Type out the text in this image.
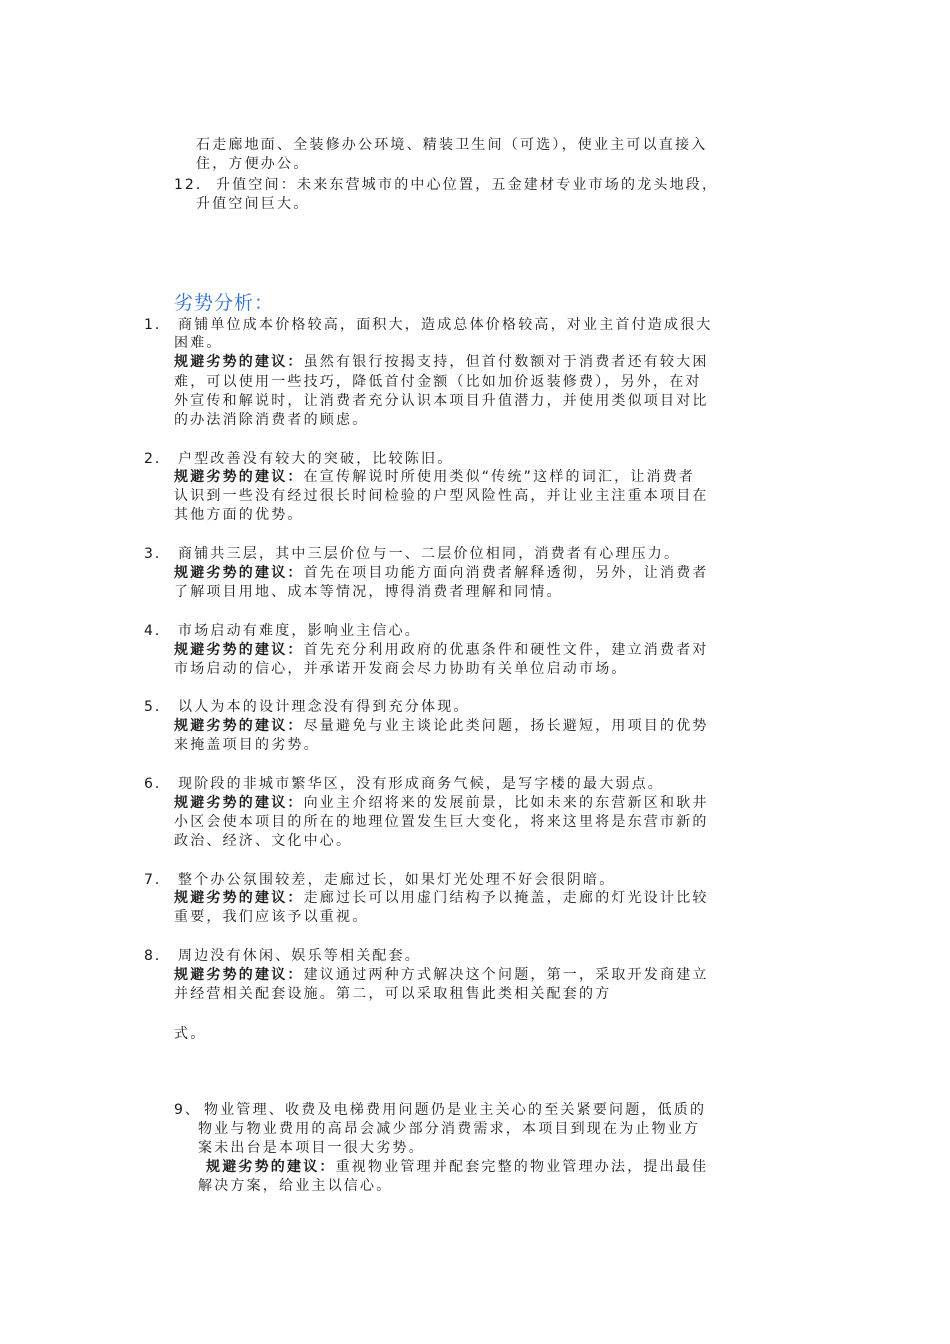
石走廊地面、全装修办公环境、精装卫生间（可选），使业主可以直接入
住，方便办公。
12． 升值空间：未来东营城市的中心位置，五金建材专业市场的龙头地段，
升值空间巨大。
劣势分析：
1． 商铺单位成本价格较高，面积大，造成总体价格较高，对业主首付造成很大
困难。
规避劣势的建议：虽然有银行按揭支持，但首付数额对于消费者还有较大困
难，可以使用一些技巧，降低首付金额（比如加价返装修费），另外，在对
外宣传和解说时，让消费者充分认识本项目升值潜力，并使用类似项目对比
的办法消除消费者的顾虑。
2． 户型改善没有较大的突破，比较陈旧。
规避劣势的建议：在宣传解说时所使用类似“传统”这样的词汇，让消费者
认识到一些没有经过很长时间检验的户型风险性高，并让业主注重本项目在
其他方面的优势。
3． 商铺共三层，其中三层价位与一、二层价位相同，消费者有心理压力。
规避劣势的建议：首先在项目功能方面向消费者解释透彻，另外，让消费者
了解项目用地、成本等情况，博得消费者理解和同情。
4． 市场启动有难度，影响业主信心。
规避劣势的建议：首先充分利用政府的优惠条件和硬性文件，建立消费者对
市场启动的信心，并承诺开发商会尽力协助有关单位启动市场。
5． 以人为本的设计理念没有得到充分体现。
规避劣势的建议：尽量避免与业主谈论此类问题，扬长避短，用项目的优势
来掩盖项目的劣势。
6． 现阶段的非城市繁华区，没有形成商务气候，是写字楼的最大弱点。
规避劣势的建议：向业主介绍将来的发展前景，比如未来的东营新区和耿井
小区会使本项目的所在的地理位置发生巨大变化，将来这里将是东营市新的
政治、经济、文化中心。
7． 整个办公氛围较差，走廊过长，如果灯光处理不好会很阴暗。
规避劣势的建议：走廊过长可以用虚门结构予以掩盖，走廊的灯光设计比较
重要，我们应该予以重视。
8． 周边没有休闲、娱乐等相关配套。
规避劣势的建议：建议通过两种方式解决这个问题，第一，采取开发商建立
并经营相关配套设施。第二，可以采取租售此类相关配套的方
式。
9、 物业管理、收费及电梯费用问题仍是业主关心的至关紧要问题，低质的
物业与物业费用的高昂会减少部分消费需求，本项目到现在为止物业方
案未出台是本项目一很大劣势。
规避劣势的建议：重视物业管理并配套完整的物业管理办法，提出最佳
解决方案，给业主以信心。
